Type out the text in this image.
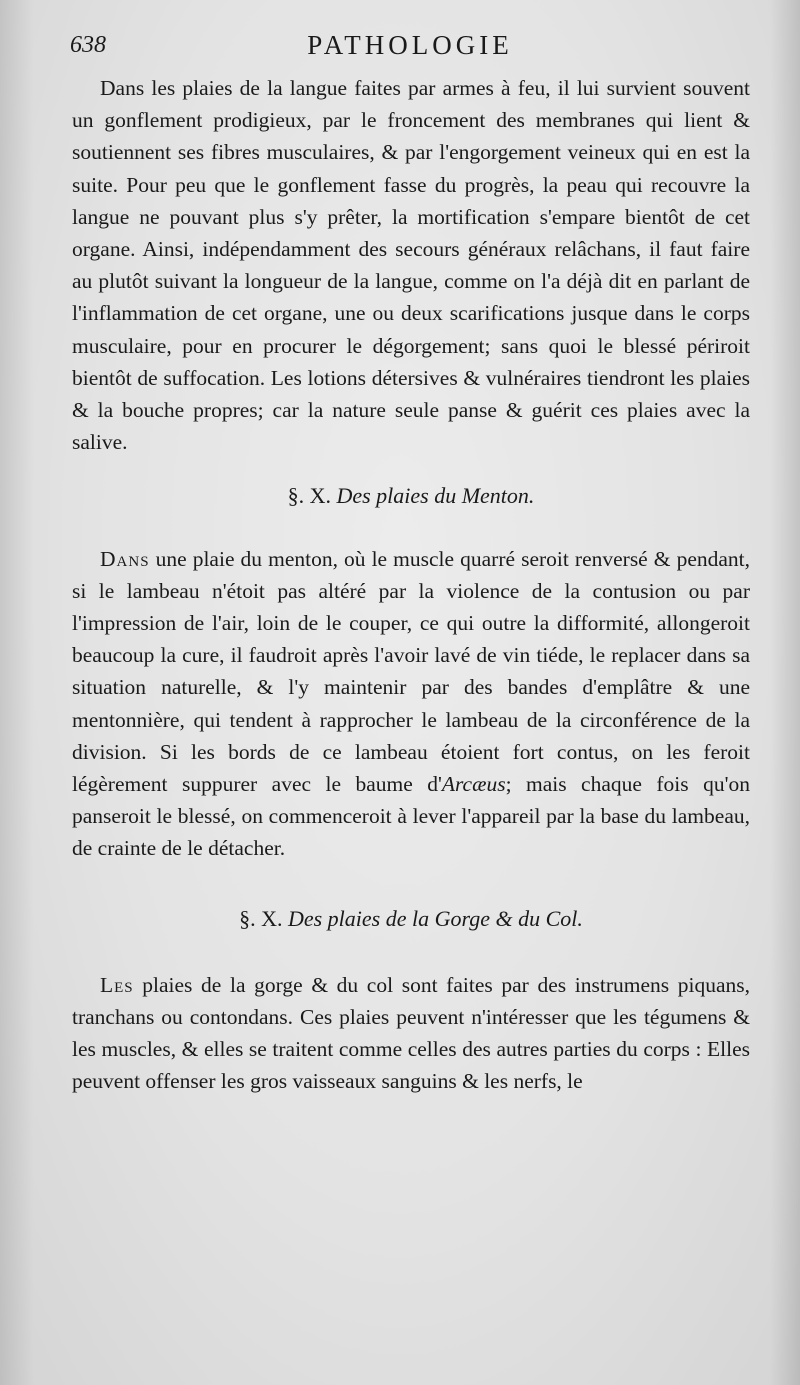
638	PATHOLOGIE

Dans les plaies de la langue faites par armes à feu, il lui survient souvent un gonflement prodigieux, par le froncement des membranes qui lient & soutiennent ses fibres musculaires, & par l'engorgement veineux qui en est la suite. Pour peu que le gonflement fasse du progrès, la peau qui recouvre la langue ne pouvant plus s'y prêter, la mortification s'empare bientôt de cet organe. Ainsi, indépendamment des secours généraux relâchans, il faut faire au plutôt suivant la longueur de la langue, comme on l'a déjà dit en parlant de l'inflammation de cet organe, une ou deux scarifications jusque dans le corps musculaire, pour en procurer le dégorgement; sans quoi le blessé périroit bientôt de suffocation. Les lotions détersives & vulnéraires tiendront les plaies & la bouche propres; car la nature seule panse & guérit ces plaies avec la salive.

§. X. Des plaies du Menton.

Dans une plaie du menton, où le muscle quarré seroit renversé & pendant, si le lambeau n'étoit pas altéré par la violence de la contusion ou par l'impression de l'air, loin de le couper, ce qui outre la difformité, allongeroit beaucoup la cure, il faudroit après l'avoir lavé de vin tiéde, le replacer dans sa situation naturelle, & l'y maintenir par des bandes d'emplâtre & une mentonnière, qui tendent à rapprocher le lambeau de la circonférence de la division. Si les bords de ce lambeau étoient fort contus, on les feroit légèrement suppurer avec le baume d'Arcæus; mais chaque fois qu'on panseroit le blessé, on commenceroit à lever l'appareil par la base du lambeau, de crainte de le détacher.

§. X. Des plaies de la Gorge & du Col.

Les plaies de la gorge & du col sont faites par des instrumens piquans, tranchans ou contondans. Ces plaies peuvent n'intéresser que les tégumens & les muscles, & elles se traitent comme celles des autres parties du corps : Elles peuvent offenser les gros vaisseaux sanguins & les nerfs, le
